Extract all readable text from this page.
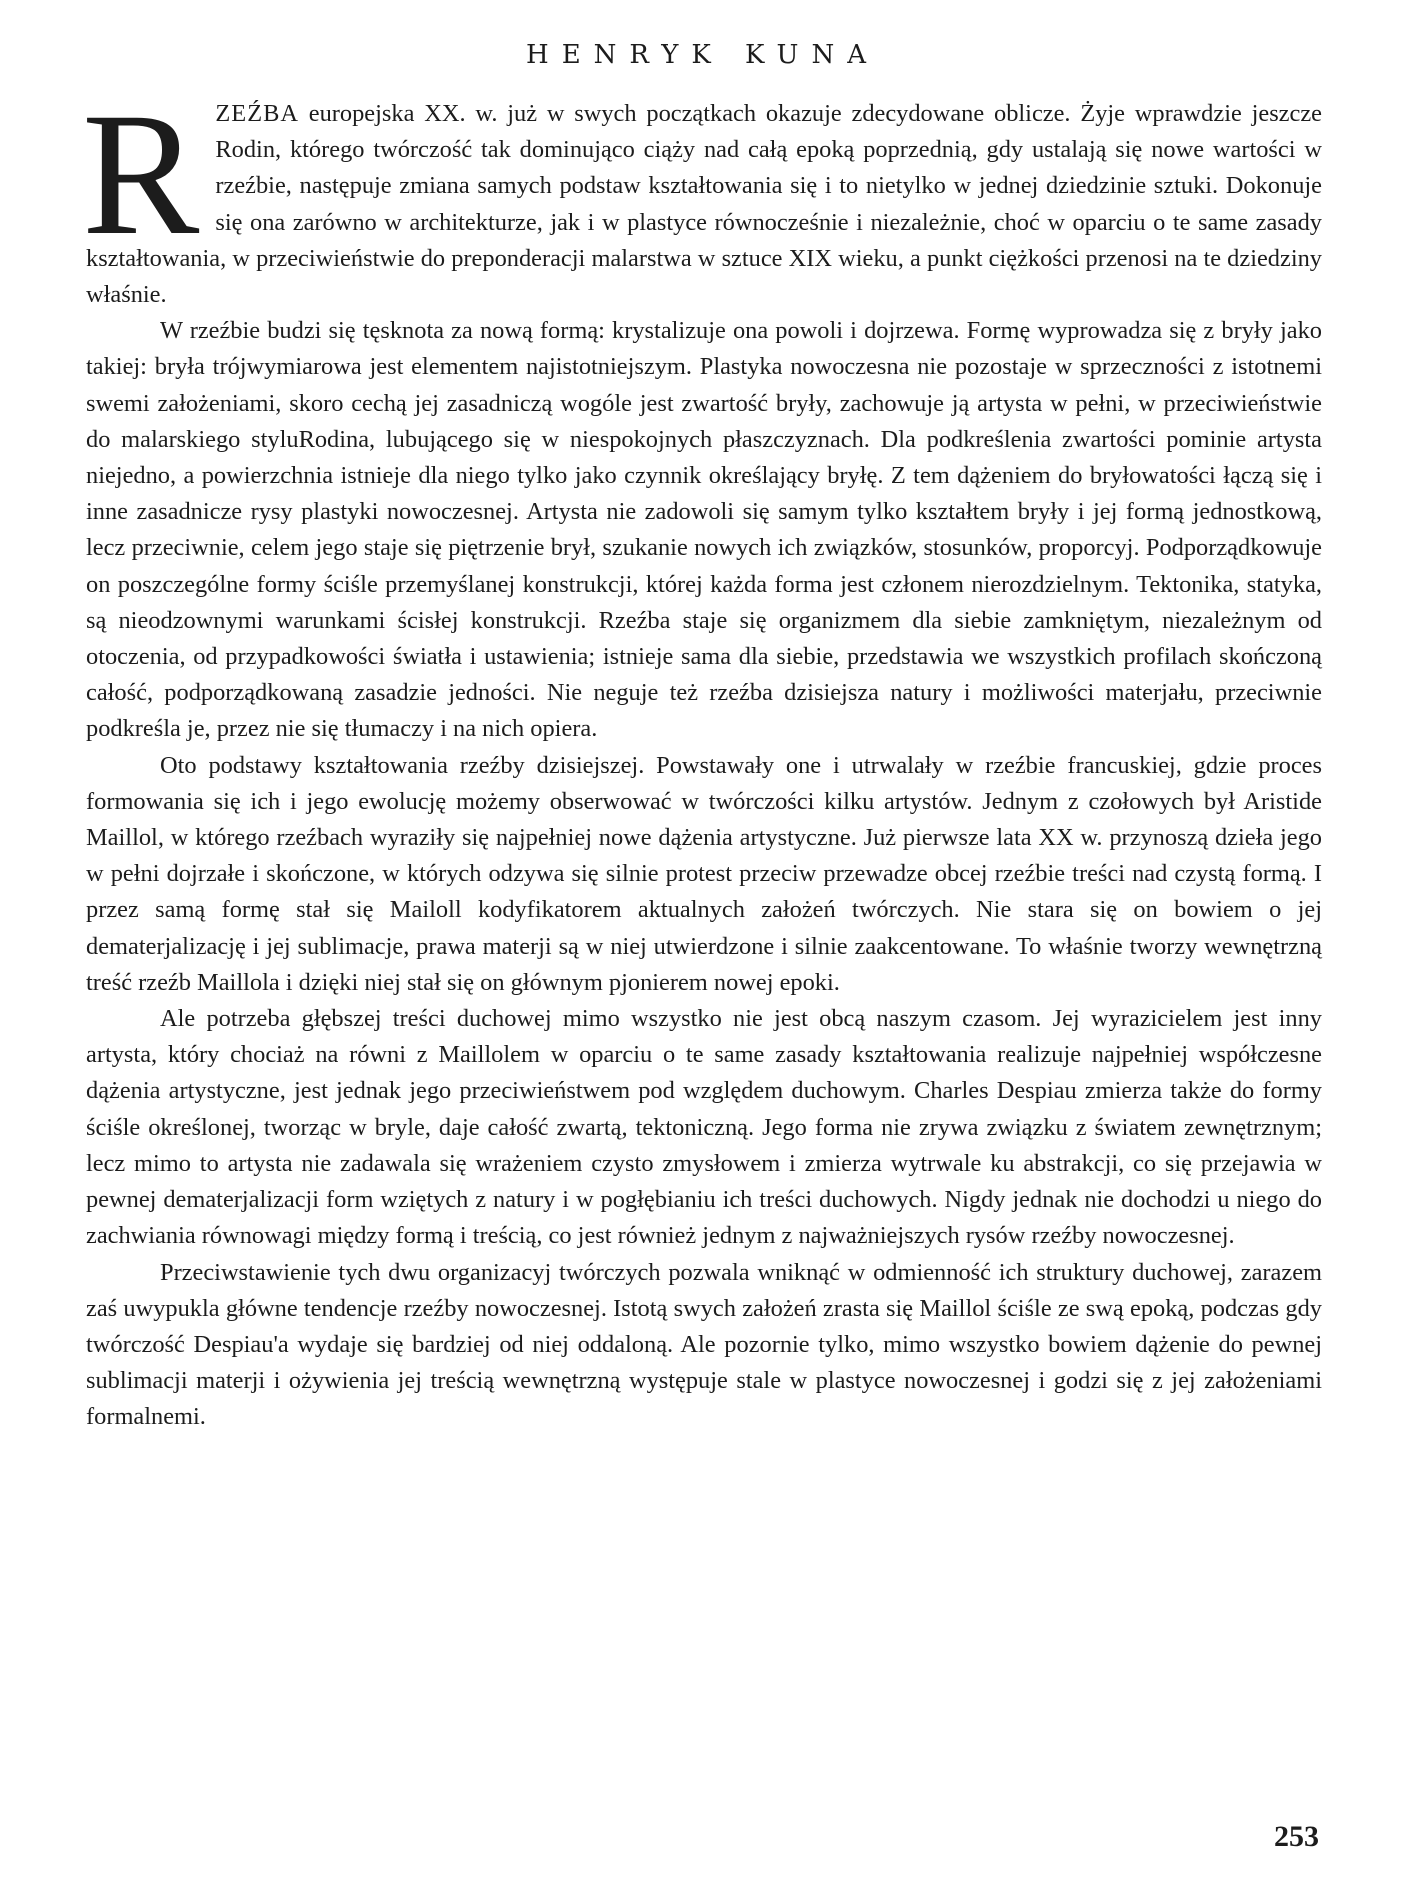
HENRYK KUNA

RZEŹBA europejska XX. w. już w swych początkach okazuje zdecydowane oblicze. Żyje wprawdzie jeszcze Rodin, którego twórczość tak dominująco ciąży nad całą epoką poprzednią, gdy ustalają się nowe wartości w rzeźbie, następuje zmiana samych podstaw kształtowania się i to nietylko w jednej dziedzinie sztuki. Dokonuje się ona zarówno w architekturze, jak i w plastyce równocześnie i niezależnie, choć w oparciu o te same zasady kształtowania, w przeciwieństwie do preponderacji malarstwa w sztuce XIX wieku, a punkt ciężkości przenosi na te dziedziny właśnie.

W rzeźbie budzi się tęsknota za nową formą: krystalizuje ona powoli i dojrzewa. Formę wyprowadza się z bryły jako takiej: bryła trójwymiarowa jest elementem najistotniejszym. Plastyka nowoczesna nie pozostaje w sprzeczności z istotnemi swemi założeniami, skoro cechą jej zasadniczą wogóle jest zwartość bryły, zachowuje ją artysta w pełni, w przeciwieństwie do malarskiego styluRodina, lubującego się w niespokojnych płaszczyznach. Dla podkreślenia zwartości pominie artysta niejedno, a powierzchnia istnieje dla niego tylko jako czynnik określający bryłę. Z tem dążeniem do bryłowatości łączą się i inne zasadnicze rysy plastyki nowoczesnej. Artysta nie zadowoli się samym tylko kształtem bryły i jej formą jednostkową, lecz przeciwnie, celem jego staje się piętrzenie brył, szukanie nowych ich związków, stosunków, proporcyj. Podporządkowuje on poszczególne formy ściśle przemyślanej konstrukcji, której każda forma jest członem nierozdzielnym. Tektonika, statyka, są nieodzownymi warunkami ścisłej konstrukcji. Rzeźba staje się organizmem dla siebie zamkniętym, niezależnym od otoczenia, od przypadkowości światła i ustawienia; istnieje sama dla siebie, przedstawia we wszystkich profilach skończoną całość, podporządkowaną zasadzie jedności. Nie neguje też rzeźba dzisiejsza natury i możliwości materjału, przeciwnie podkreśla je, przez nie się tłumaczy i na nich opiera.

Oto podstawy kształtowania rzeźby dzisiejszej. Powstawały one i utrwalały w rzeźbie francuskiej, gdzie proces formowania się ich i jego ewolucję możemy obserwować w twórczości kilku artystów. Jednym z czołowych był Aristide Maillol, w którego rzeźbach wyraziły się najpełniej nowe dążenia artystyczne. Już pierwsze lata XX w. przynoszą dzieła jego w pełni dojrzałe i skończone, w których odzywa się silnie protest przeciw przewadze obcej rzeźbie treści nad czystą formą. I przez samą formę stał się Mailoll kodyfikatorem aktualnych założeń twórczych. Nie stara się on bowiem o jej dematerjalizację i jej sublimacje, prawa materji są w niej utwierdzone i silnie zaakcentowane. To właśnie tworzy wewnętrzną treść rzeźb Maillola i dzięki niej stał się on głównym pjonierem nowej epoki.

Ale potrzeba głębszej treści duchowej mimo wszystko nie jest obcą naszym czasom. Jej wyrazicielem jest inny artysta, który chociaż na równi z Maillolem w oparciu o te same zasady kształtowania realizuje najpełniej współczesne dążenia artystyczne, jest jednak jego przeciwieństwem pod względem duchowym. Charles Despiau zmierza także do formy ściśle określonej, tworząc w bryle, daje całość zwartą, tektoniczną. Jego forma nie zrywa związku z światem zewnętrznym; lecz mimo to artysta nie zadawala się wrażeniem czysto zmysłowem i zmierza wytrwale ku abstrakcji, co się przejawia w pewnej dematerjalizacji form wziętych z natury i w pogłębianiu ich treści duchowych. Nigdy jednak nie dochodzi u niego do zachwiania równowagi między formą i treścią, co jest również jednym z najważniejszych rysów rzeźby nowoczesnej.

Przeciwstawienie tych dwu organizacyj twórczych pozwala wniknąć w odmienność ich struktury duchowej, zarazem zaś uwypukla główne tendencje rzeźby nowoczesnej. Istotą swych założeń zrasta się Maillol ściśle ze swą epoką, podczas gdy twórczość Despiau'a wydaje się bardziej od niej oddaloną. Ale pozornie tylko, mimo wszystko bowiem dążenie do pewnej sublimacji materji i ożywienia jej treścią wewnętrzną występuje stale w plastyce nowoczesnej i godzi się z jej założeniami formalnemi.

253
